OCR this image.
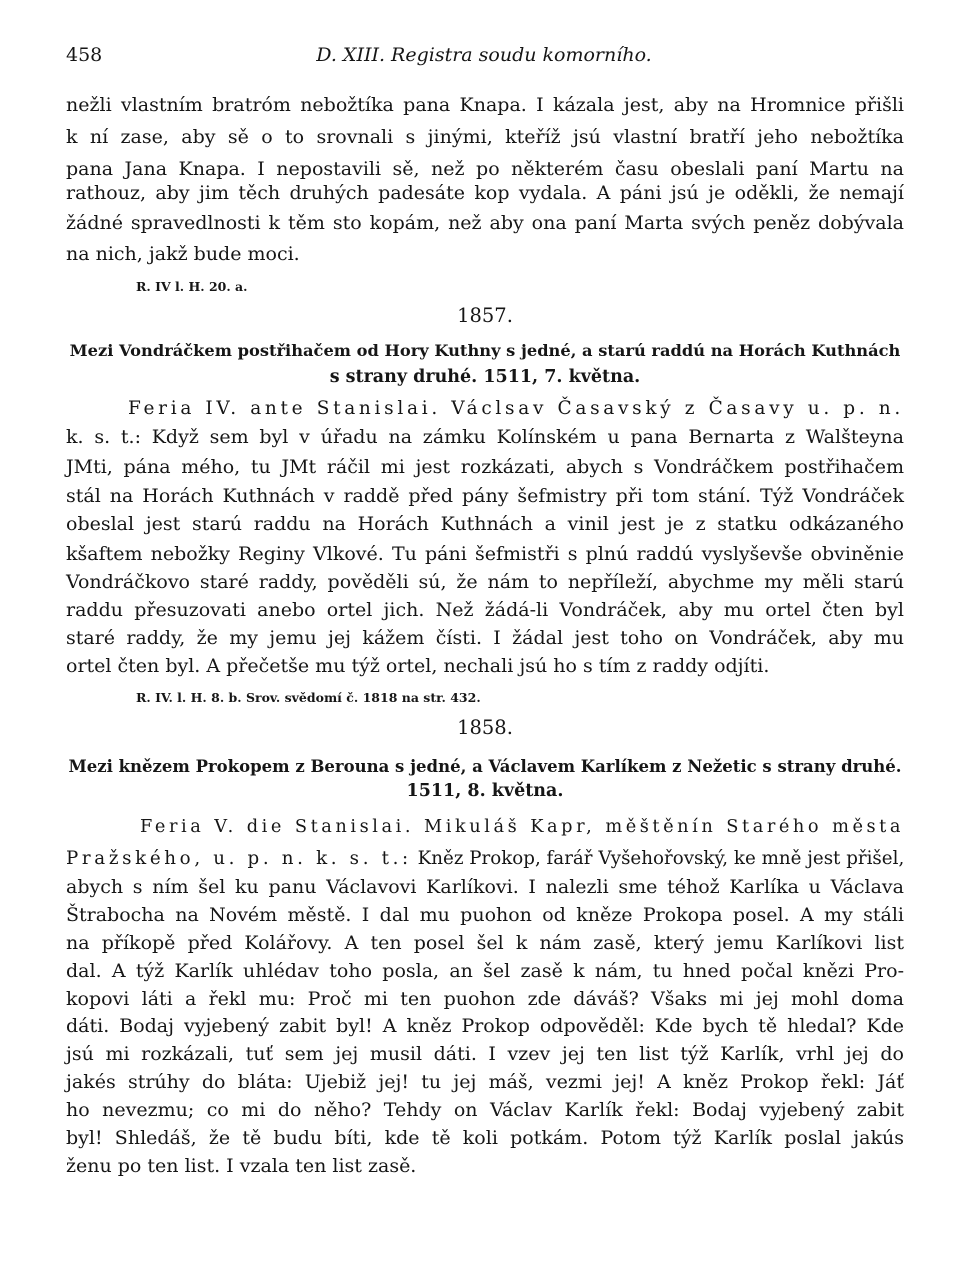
458	D. XIII. Registra soudu komorního.
nežli vlastním bratróm nebožtíka pana Knapa. I kázala jest, aby na Hromnice přišli
k ní zase, aby sě o to srovnali s jinými, kteříž jsú vlastní bratří jeho nebožtíka
pana Jana Knapa. I nepostavili sě, než po některém času obeslali paní Martu na
rathouz, aby jim těch druhých padesáte kop vydala. A páni jsú je oděkli, že nemají
žádné spravedlnosti k těm sto kopám, než aby ona paní Marta svých peněz dobývala
na nich, jakž bude moci.
R. IV l. H. 20. a.
1857.
Mezi Vondráčkem postřihačem od Hory Kuthny s jedné, a starú raddú na Horách Kuthnách
s strany druhé. 1511, 7. května.
Feria IV. ante Stanislai. Václsav Časavský z Časavy u. p. n.
k. s. t.: Když sem byl v úřadu na zámku Kolínském u pana Bernarta z Walšteyna
JMti, pána mého, tu JMt ráčil mi jest rozkázati, abych s Vondráčkem postřihačem
stál na Horách Kuthnách v raddě před pány šefmistry při tom stání. Týž Vondráček
obeslal jest starú raddu na Horách Kuthnách a vinil jest je z statku odkázaného
kšaftem nebožky Reginy Vlkové. Tu páni šefmistři s plnú raddú vyslyševše obviněnie
Vondráčkovo staré raddy, pověděli sú, že nám to nepříleží, abychme my měli starú
raddu přesuzovati anebo ortel jich. Než žádá-li Vondráček, aby mu ortel čten byl
staré raddy, že my jemu jej kážem čísti. I žádal jest toho on Vondráček, aby mu
ortel čten byl. A přečetše mu týž ortel, nechali jsú ho s tím z raddy odjíti.
R. IV. l. H. 8. b. Srov. svědomí č. 1818 na str. 432.
1858.
Mezi knězem Prokopem z Berouna s jedné, a Václavem Karlíkem z Nežetic s strany druhé.
1511, 8. května.
Feria V. die Stanislai. Mikuláš Kapr, měštěnín Starého města
Pražského, u. p. n. k. s. t.: Kněz Prokop, farář Vyšehořovský, ke mně jest přišel,
abych s ním šel ku panu Václavovi Karlíkovi. I nalezli sme téhož Karlíka u Václava
Štrabocha na Novém městě. I dal mu puohon od kněze Prokopa posel. A my stáli
na příkopě před Kolářovy. A ten posel šel k nám zasě, který jemu Karlíkovi list
dal. A týž Karlík uhlédav toho posla, an šel zasě k nám, tu hned počal knězi Pro-
kopovi láti a řekl mu: Proč mi ten puohon zde dáváš? Všaks mi jej mohl doma
dáti. Bodaj vyjebený zabit byl! A kněz Prokop odpověděl: Kde bych tě hledal? Kde
jsú mi rozkázali, tuť sem jej musil dáti. I vzev jej ten list týž Karlík, vrhl jej do
jakés strúhy do bláta: Ujebiž jej! tu jej máš, vezmi jej! A kněz Prokop řekl: Jáť
ho nevezmu; co mi do něho? Tehdy on Václav Karlík řekl: Bodaj vyjebený zabit
byl! Shledáš, že tě budu bíti, kde tě koli potkám. Potom týž Karlík poslal jakús
ženu po ten list. I vzala ten list zasě.
